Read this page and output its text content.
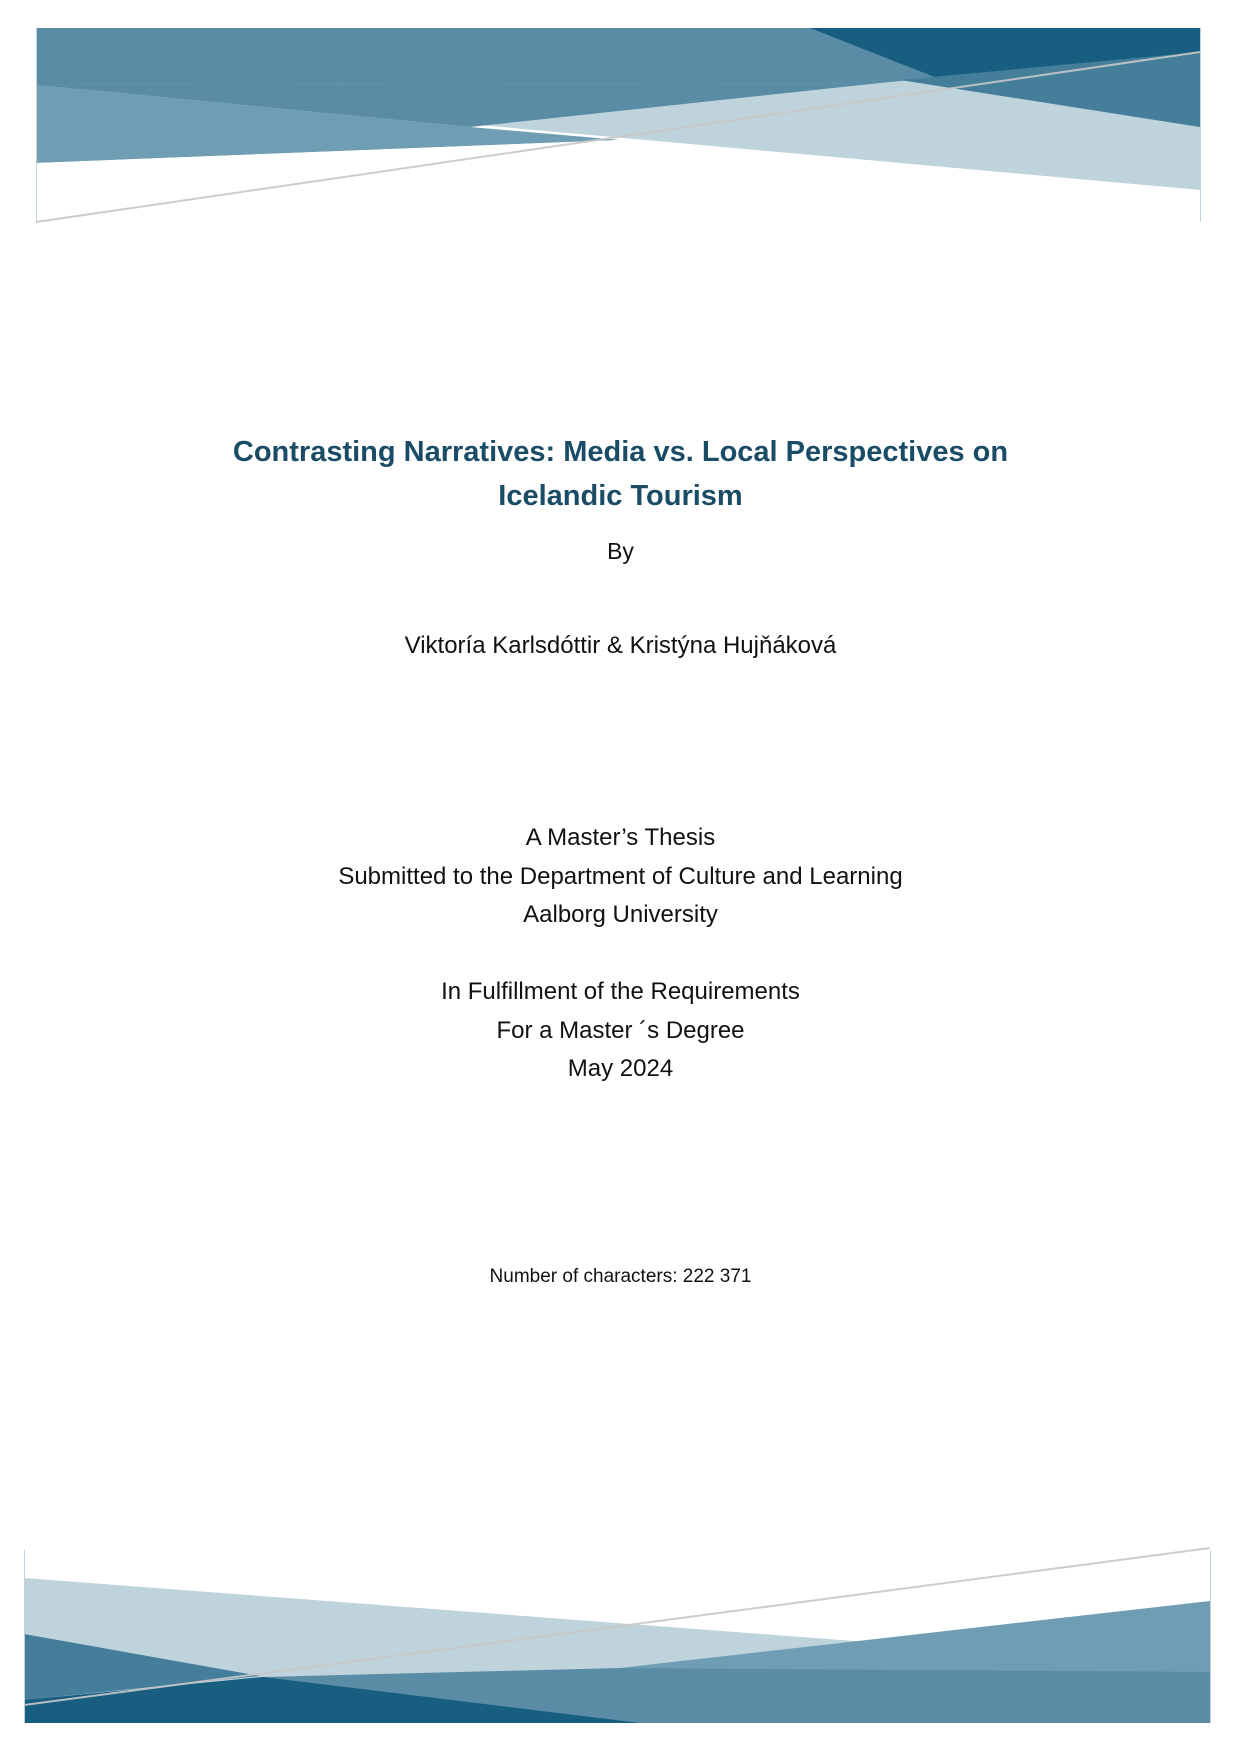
Contrasting Narratives: Media vs. Local Perspectives on
Icelandic Tourism
By
Viktoría Karlsdóttir & Kristýna Hujňáková
A Master’s Thesis
Submitted to the Department of Culture and Learning
Aalborg University
In Fulfillment of the Requirements
For a Master ´s Degree
May 2024
Number of characters: 222 371
